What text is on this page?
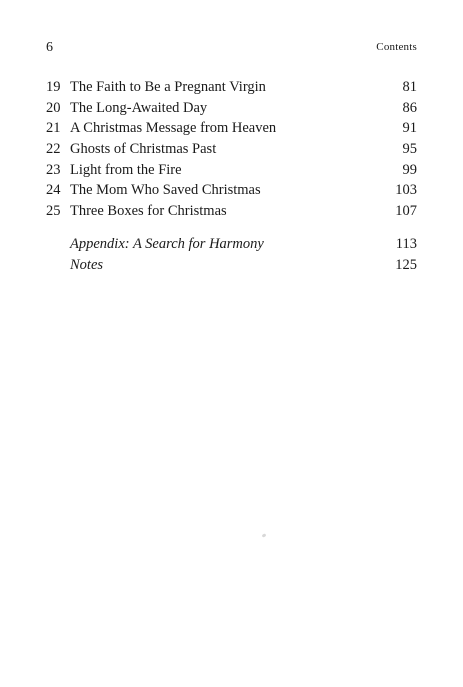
6	Contents
19 The Faith to Be a Pregnant Virgin	81
20 The Long-Awaited Day	86
21 A Christmas Message from Heaven	91
22 Ghosts of Christmas Past	95
23 Light from the Fire	99
24 The Mom Who Saved Christmas	103
25 Three Boxes for Christmas	107
Appendix: A Search for Harmony	113
Notes	125
